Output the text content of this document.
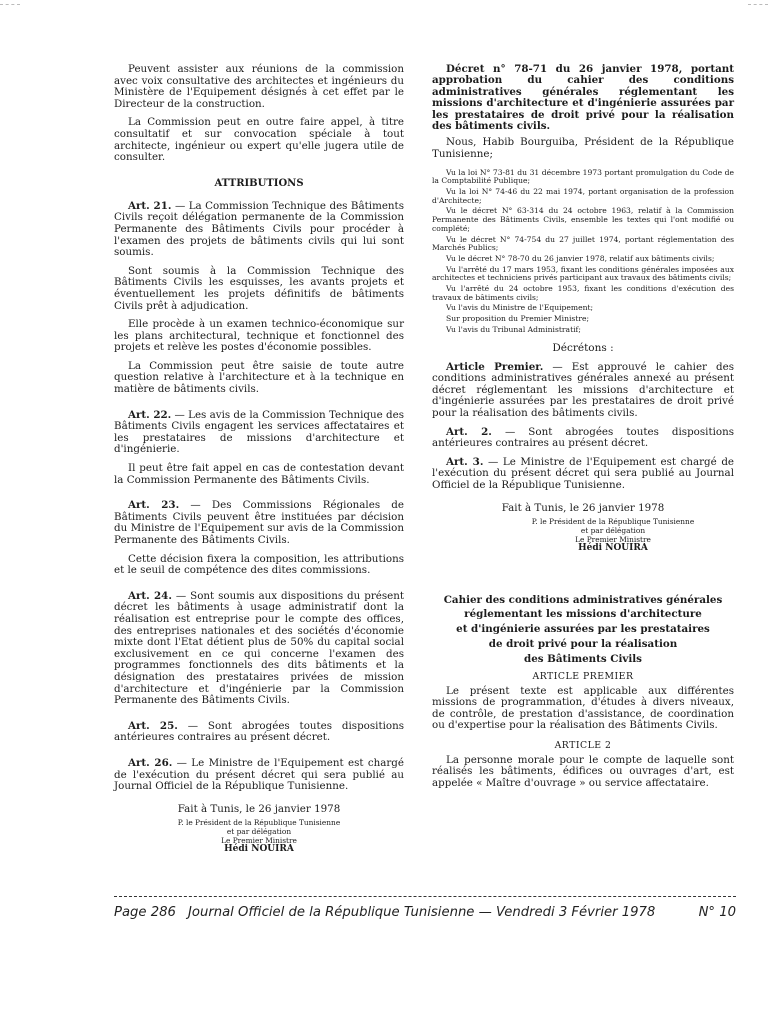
Peuvent assister aux réunions de la commission avec voix consultative des architectes et ingénieurs du Ministère de l'Equipement désignés à cet effet par le Directeur de la construction.

La Commission peut en outre faire appel, à titre consultatif et sur convocation spéciale à tout architecte, ingénieur ou expert qu'elle jugera utile de consulter.

ATTRIBUTIONS

Art. 21. — La Commission Technique des Bâtiments Civils reçoit délégation permanente de la Commission Permanente des Bâtiments Civils pour procéder à l'examen des projets de bâtiments civils qui lui sont soumis.

Sont soumis à la Commission Technique des Bâtiments Civils les esquisses, les avants projets et éventuellement les projets définitifs de bâtiments Civils prêt à adjudication.

Elle procède à un examen technico-économique sur les plans architectural, technique et fonctionnel des projets et relève les postes d'économie possibles.

La Commission peut être saisie de toute autre question relative à l'architecture et à la technique en matière de bâtiments civils.

Art. 22. — Les avis de la Commission Technique des Bâtiments Civils engagent les services affectataires et les prestataires de missions d'architecture et d'ingénierie.

Il peut être fait appel en cas de contestation devant la Commission Permanente des Bâtiments Civils.

Art. 23. — Des Commissions Régionales de Bâtiments Civils peuvent être instituées par décision du Ministre de l'Equipement sur avis de la Commission Permanente des Bâtiments Civils.

Cette décision fixera la composition, les attributions et le seuil de compétence des dites commissions.

Art. 24. — Sont soumis aux dispositions du présent décret les bâtiments à usage administratif dont la réalisation est entreprise pour le compte des offices, des entreprises nationales et des sociétés d'économie mixte dont l'Etat détient plus de 50% du capital social exclusivement en ce qui concerne l'examen des programmes fonctionnels des dits bâtiments et la désignation des prestataires privées de mission d'architecture et d'ingénierie par la Commission Permanente des Bâtiments Civils.

Art. 25. — Sont abrogées toutes dispositions antérieures contraires au présent décret.

Art. 26. — Le Ministre de l'Equipement est chargé de l'exécution du présent décret qui sera publié au Journal Officiel de la République Tunisienne.

Fait à Tunis, le 26 janvier 1978
P. le Président de la République Tunisienne
et par délégation
Le Premier Ministre
Hédi NOUIRA

Décret n° 78-71 du 26 janvier 1978, portant approbation du cahier des conditions administratives générales réglementant les missions d'architecture et d'ingénierie assurées par les prestataires de droit privé pour la réalisation des bâtiments civils.

Nous, Habib Bourguiba, Président de la République Tunisienne;

Vu la loi N° 73-81 du 31 décembre 1973 portant promulgation du Code de la Comptabilité Publique;

Vu la loi N° 74-46 du 22 mai 1974, portant organisation de la profession d'Architecte;

Vu le décret N° 63-314 du 24 octobre 1963, relatif à la Commission Permanente des Bâtiments Civils, ensemble les textes qui l'ont modifié ou complété;

Vu le décret N° 74-754 du 27 juillet 1974, portant réglementation des Marchés Publics;

Vu le décret N° 78-70 du 26 janvier 1978, relatif aux bâtiments civils;

Vu l'arrêté du 17 mars 1953, fixant les conditions générales imposées aux architectes et techniciens privés participant aux travaux des bâtiments civils;

Vu l'arrêté du 24 octobre 1953, fixant les conditions d'exécution des travaux de bâtiments civils;

Vu l'avis du Ministre de l'Equipement;

Sur proposition du Premier Ministre;

Vu l'avis du Tribunal Administratif;

Décrétons :

Article Premier. — Est approuvé le cahier des conditions administratives générales annexé au présent décret réglementant les missions d'architecture et d'ingénierie assurées par les prestataires de droit privé pour la réalisation des bâtiments civils.

Art. 2. — Sont abrogées toutes dispositions antérieures contraires au présent décret.

Art. 3. — Le Ministre de l'Equipement est chargé de l'exécution du présent décret qui sera publié au Journal Officiel de la République Tunisienne.

Fait à Tunis, le 26 janvier 1978
P. le Président de la République Tunisienne
et par délégation
Le Premier Ministre
Hédi NOUIRA
Cahier des conditions administratives générales
réglementant les missions d'architecture
et d'ingénierie assurées par les prestataires
de droit privé pour la réalisation
des Bâtiments Civils
ARTICLE PREMIER

Le présent texte est applicable aux différentes missions de programmation, d'études à divers niveaux, de contrôle, de prestation d'assistance, de coordination ou d'expertise pour la réalisation des Bâtiments Civils.

ARTICLE 2

La personne morale pour le compte de laquelle sont réalisés les bâtiments, édifices ou ouvrages d'art, est appelée « Maître d'ouvrage » ou service affectataire.

Page 286 Journal Officiel de la République Tunisienne — Vendredi 3 Février 1978	N° 10
